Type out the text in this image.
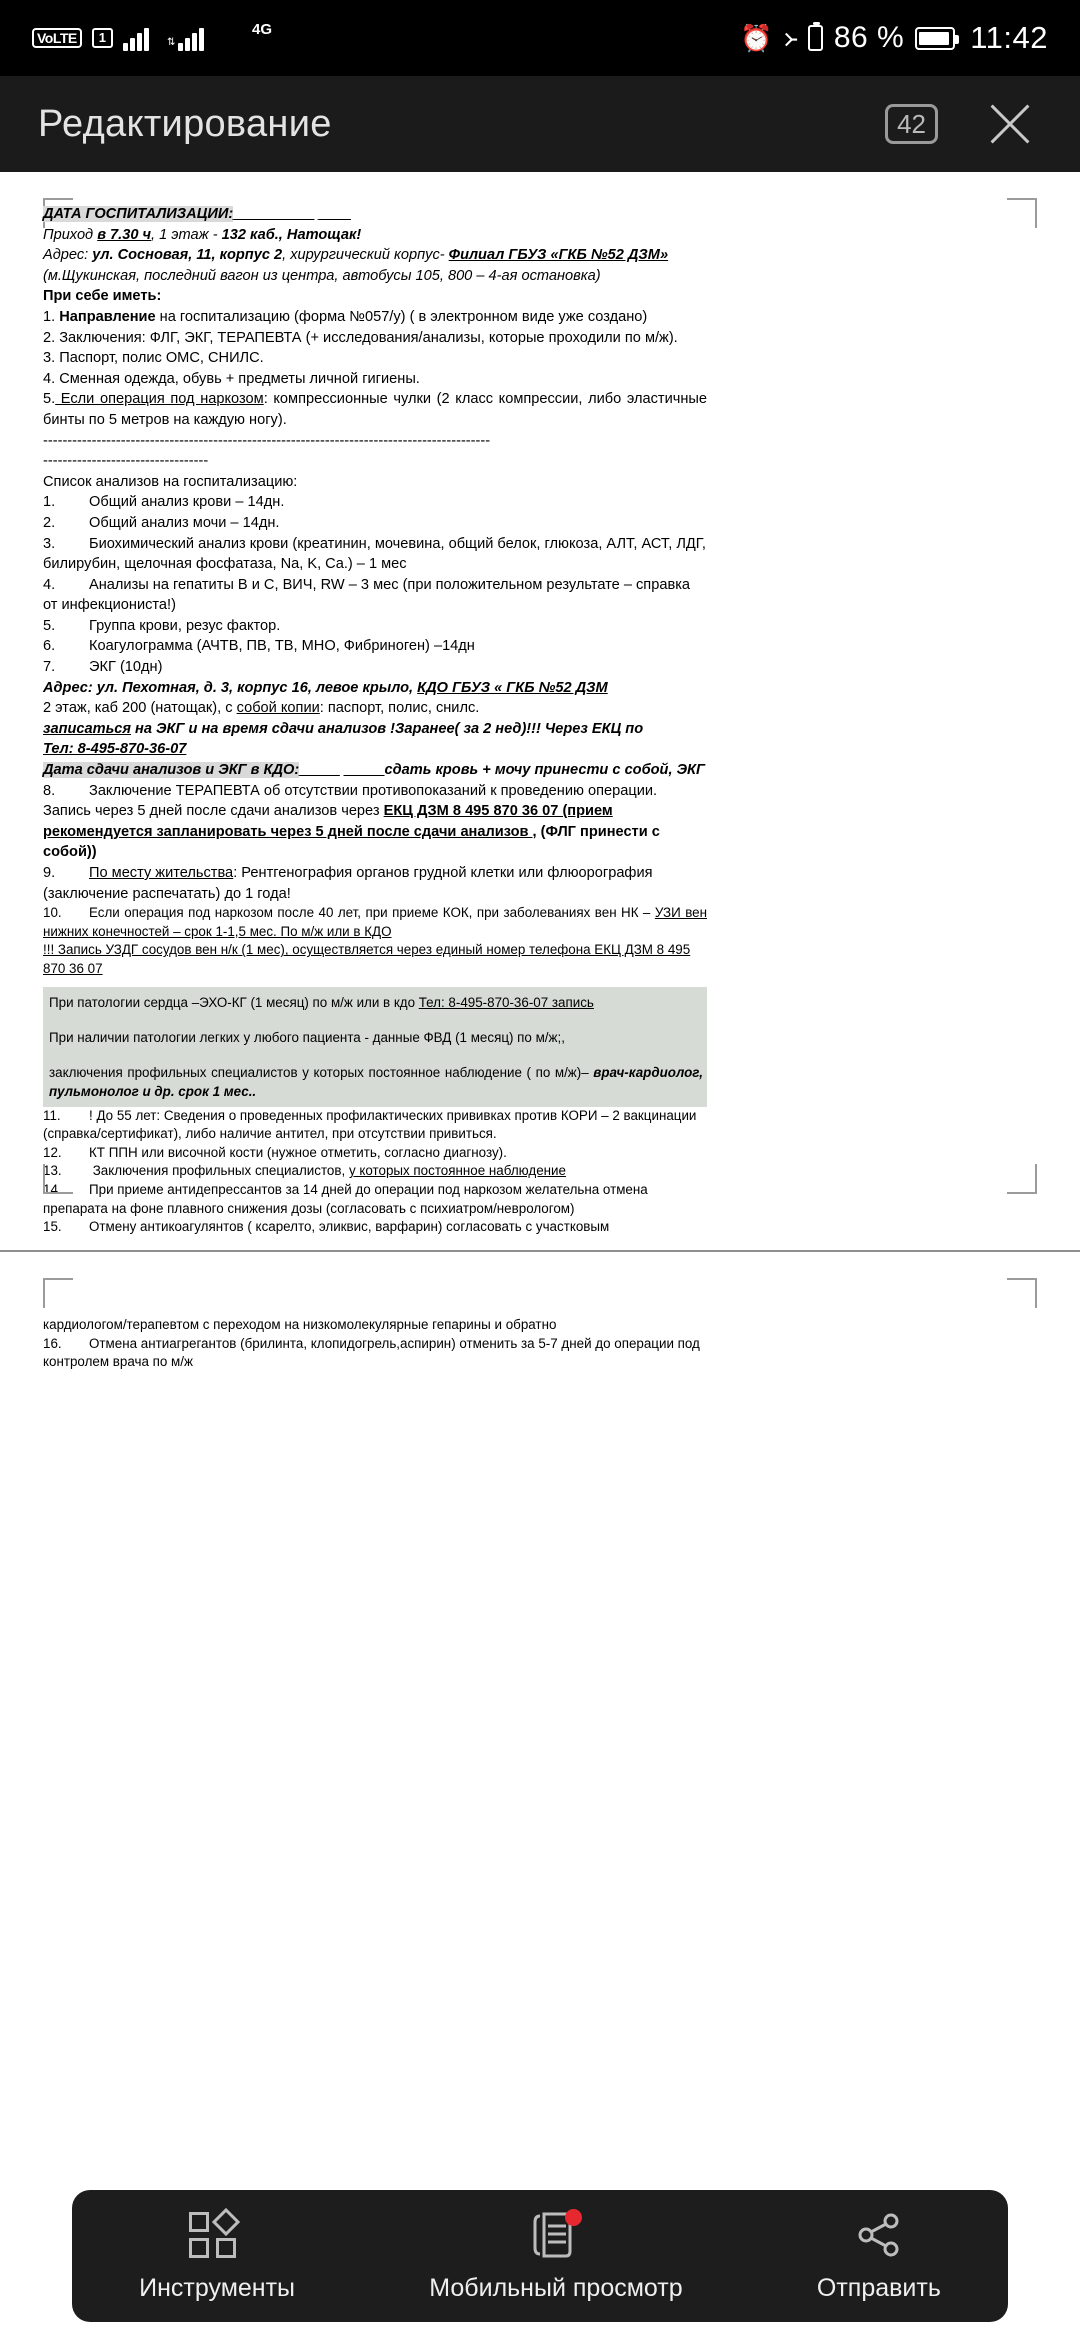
VoLTE	1	⇅
4G	⏰ ᚛ 86 % 11:42
Редактирование	42
ДАТА ГОСПИТАЛИЗАЦИИ:__________ ____
Приход в 7.30 ч, 1 этаж - 132 каб., Натощак!
Адрес: ул. Сосновая, 11, корпус 2, хирургический корпус- Филиал ГБУЗ «ГКБ №52 ДЗМ»
(м.Щукинская, последний вагон из центра, автобусы 105, 800 – 4-ая остановка)
При себе иметь:
1. Направление на госпитализацию (форма №057/у) ( в электронном виде уже создано)
2. Заключения: ФЛГ, ЭКГ, ТЕРАПЕВТА (+ исследования/анализы, которые проходили по м/ж).
3. Паспорт, полис ОМС, СНИЛС.
4. Сменная одежда, обувь + предметы личной гигиены.
5. Если операция под наркозом: компрессионные чулки (2 класс компрессии, либо эластичные бинты по 5 метров на каждую ногу).
--------------------------------------------------------------------------------------------
----------------------------------
Список анализов на госпитализацию:
1. Общий анализ крови – 14дн.
2. Общий анализ мочи – 14дн.
3. Биохимический анализ крови (креатинин, мочевина, общий белок, глюкоза, АЛТ, АСТ, ЛДГ, билирубин, щелочная фосфатаза, Na, K, Ca.) – 1 мес
4. Анализы на гепатиты В и С, ВИЧ, RW – 3 мес (при положительном результате – справка от инфекциониста!)
5. Группа крови, резус фактор.
6. Коагулограмма (АЧТВ, ПВ, ТВ, МНО, Фибриноген) –14дн
7. ЭКГ (10дн)
Адрес: ул. Пехотная, д. 3, корпус 16, левое крыло, КДО ГБУЗ « ГКБ №52 ДЗМ
2 этаж, каб 200 (натощак), с собой копии: паспорт, полис, снилс.
записаться на ЭКГ и на время сдачи анализов !Заранее( за 2 нед)!!! Через ЕКЦ по
Тел: 8-495-870-36-07
Дата сдачи анализов и ЭКГ в КДО:_____ _____сдать кровь + мочу принести с собой, ЭКГ
8. Заключение ТЕРАПЕВТА об отсутствии противопоказаний к проведению операции.
Запись через 5 дней после сдачи анализов через ЕКЦ ДЗМ 8 495 870 36 07 (прием рекомендуется запланировать через 5 дней после сдачи анализов , (ФЛГ принести с собой))
9. По месту жительства: Рентгенография органов грудной клетки или флюорография (заключение распечатать) до 1 года!
10. Если операция под наркозом после 40 лет, при приеме КОК, при заболеваниях вен НК – УЗИ вен нижних конечностей – срок 1-1,5 мес. По м/ж или в КДО
!!! Запись УЗДГ сосудов вен н/к (1 мес), осуществляется через единый номер телефона ЕКЦ ДЗМ 8 495 870 36 07
При патологии сердца –ЭХО-КГ (1 месяц) по м/ж или в кдо Тел: 8-495-870-36-07 запись
При наличии патологии легких у любого пациента - данные ФВД (1 месяц) по м/ж;,
заключения профильных специалистов у которых постоянное наблюдение ( по м/ж)– врач-кардиолог, пульмонолог и др. срок 1 мес..
11. ! До 55 лет: Сведения о проведенных профилактических прививках против КОРИ – 2 вакцинации (справка/сертификат), либо наличие антител, при отсутствии привиться.
12. КТ ППН или височной кости (нужное отметить, согласно диагнозу).
13. Заключения профильных специалистов, у которых постоянное наблюдение
14. При приеме антидепрессантов за 14 дней до операции под наркозом желательна отмена препарата на фоне плавного снижения дозы (согласовать с психиатром/неврологом)
15. Отмену антикоагулянтов ( ксарелто, эликвис, варфарин) согласовать с участковым
кардиологом/терапевтом с переходом на низкомолекулярные гепарины и обратно
16. Отмена антиагрегантов (брилинта, клопидогрель,аспирин) отменить за 5-7 дней до операции под контролем врача по м/ж
Инструменты	Мобильный просмотр	Отправить
